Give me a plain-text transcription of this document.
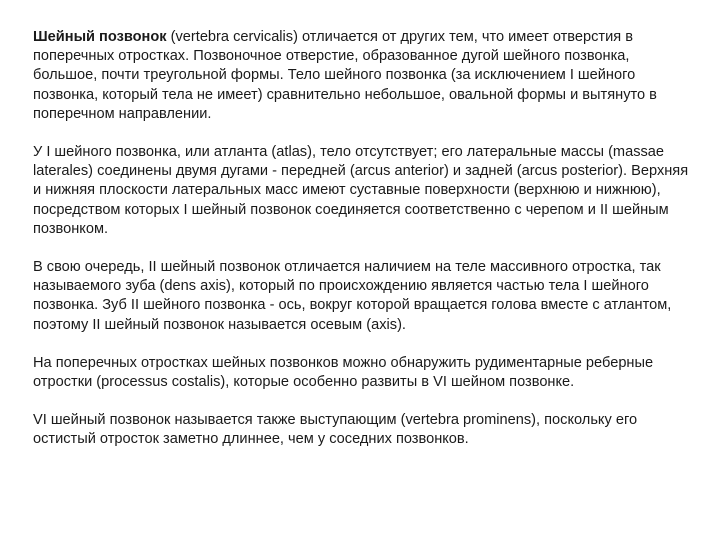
Шейный позвонок (vertebra cervicalis) отличается от других тем, что имеет отверстия в поперечных отростках. Позвоночное отверстие, образованное дугой шейного позвонка, большое, почти треугольной формы. Тело шейного позвонка (за исключением I шейного позвонка, который тела не имеет) сравнительно небольшое, овальной формы и вытянуто в поперечном направлении.

У I шейного позвонка, или атланта (atlas), тело отсутствует; его латеральные массы (massae laterales) соединены двумя дугами - передней (arcus anterior) и задней (arcus posterior). Верхняя и нижняя плоскости латеральных масс имеют суставные поверхности (верхнюю и нижнюю), посредством которых I шейный позвонок соединяется соответственно с черепом и II шейным позвонком.

В свою очередь, II шейный позвонок отличается наличием на теле массивного отростка, так называемого зуба (dens axis), который по происхождению является частью тела I шейного позвонка. Зуб II шейного позвонка - ось, вокруг которой вращается голова вместе с атлантом, поэтому II шейный позвонок называется осевым (axis).

На поперечных отростках шейных позвонков можно обнаружить рудиментарные реберные отростки (processus costalis), которые особенно развиты в VI шейном позвонке.

VI шейный позвонок называется также выступающим (vertebra prominens), поскольку его остистый отросток заметно длиннее, чем у соседних позвонков.
